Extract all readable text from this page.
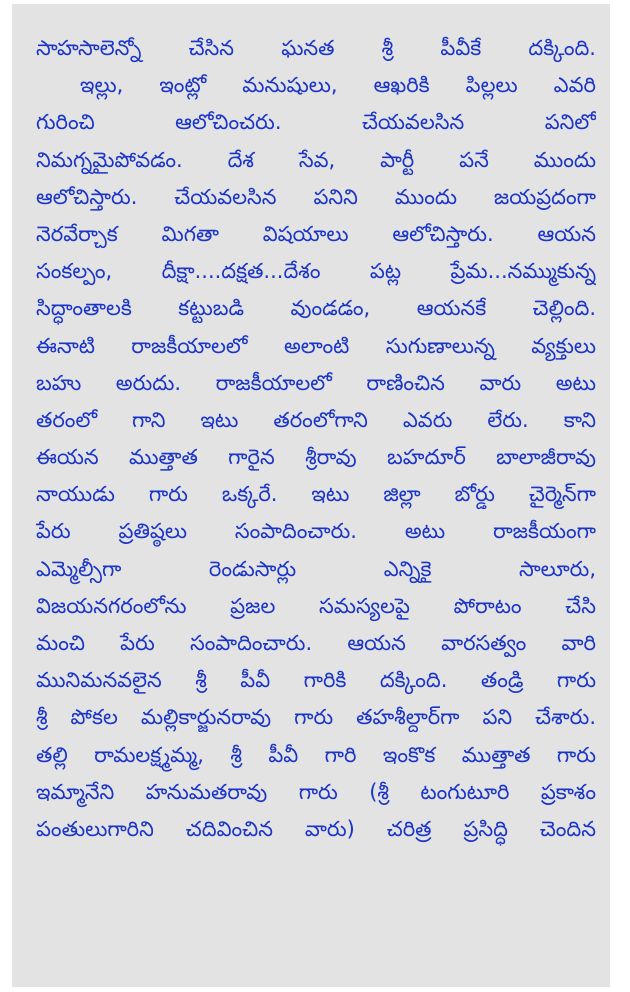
సాహసాలెన్నో చేసిన ఘనత శ్రీ పీవీకే దక్కింది.
ఇల్లు, ఇంట్లో మనుషులు, ఆఖరికి పిల్లలు ఎవరి
గురించి ఆలోచించరు. చేయవలసిన పనిలో
నిమగ్నమైపోవడం. దేశ సేవ, పార్టీ పనే ముందు
ఆలోచిస్తారు. చేయవలసిన పనిని ముందు జయప్రదంగా
నెరవేర్చాక మిగతా విషయాలు ఆలోచిస్తారు. ఆయన
సంకల్పం, దీక్షా....దక్షత...దేశం పట్ల ప్రేమ...నమ్ముకున్న
సిద్ధాంతాలకి కట్టుబడి వుండడం, ఆయనకే చెల్లింది.
ఈనాటి రాజకీయాలలో అలాంటి సుగుణాలున్న వ్యక్తులు
బహు అరుదు. రాజకీయాలలో రాణించిన వారు అటు
తరంలో గాని ఇటు తరంలోగాని ఎవరు లేరు. కాని
ఈయన ముత్తాత గారైన శ్రీరావు బహదూర్ బాలాజీరావు
నాయుడు గారు ఒక్కరే. ఇటు జిల్లా బోర్డు చైర్మెన్‌గా
పేరు ప్రతిష్ఠలు సంపాదించారు. అటు రాజకీయంగా
ఎమ్మెల్సీగా రెండుసార్లు ఎన్నికై సాలూరు,
విజయనగరంలోను ప్రజల సమస్యలపై పోరాటం చేసి
మంచి పేరు సంపాదించారు. ఆయన వారసత్వం వారి
మునిమనవలైన శ్రీ పీవీ గారికి దక్కింది. తండ్రి గారు
శ్రీ పోకల మల్లికార్జునరావు గారు తహశీల్దార్‌గా పని చేశారు.
తల్లి రామలక్ష్మమ్మ, శ్రీ పీవీ గారి ఇంకొక ముత్తాత గారు
ఇమ్మానేని హనుమతరావు గారు (శ్రీ టంగుటూరి ప్రకాశం
పంతులుగారిని చదివించిన వారు) చరిత్ర ప్రసిద్ధి చెందిన
